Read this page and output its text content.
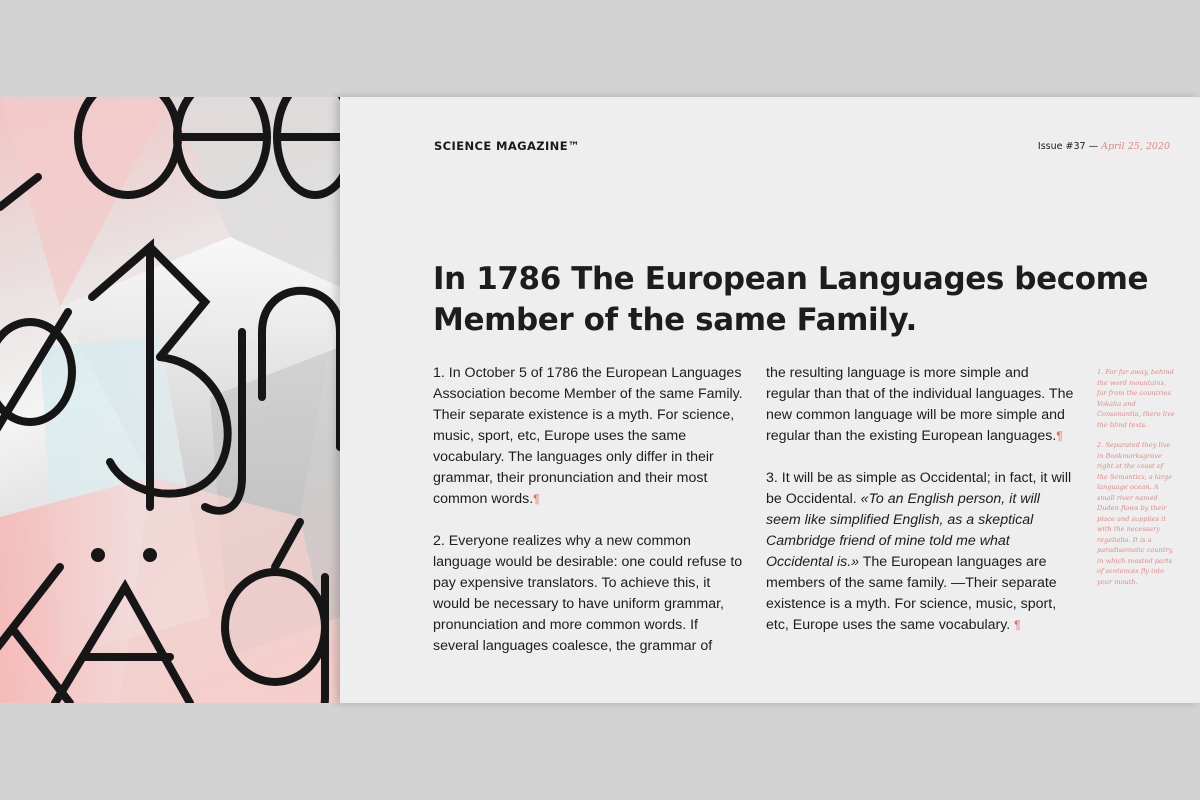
SCIENCE MAGAZINE™	Issue #37 — April 25, 2020
In 1786 The European Languages become Member of the same Family.

1. In October 5 of 1786 the European Languages Association become Member of the same Family. Their separate existence is a myth. For science, music, sport, etc, Europe uses the same vocabulary. The languages only differ in their grammar, their pronunciation and their most common words.¶

2. Everyone realizes why a new common language would be desirable: one could refuse to pay expensive translators. To achieve this, it would be necessary to have uniform grammar, pronunciation and more common words. If several languages coalesce, the grammar of

the resulting language is more simple and regular than that of the individual languages. The new common language will be more simple and regular than the existing European languages.¶

3. It will be as simple as Occidental; in fact, it will be Occidental. «To an English person, it will seem like simplified English, as a skeptical Cambridge friend of mine told me what Occidental is.» The European languages are members of the same family. —Their separate existence is a myth. For science, music, sport, etc, Europe uses the same vocabulary. ¶

1. Far far away, behind the word mountains, far from the countries Vokalia and Consonantia, there live the blind texts.

2. Separated they live in Bookmarksgrove right at the coast of the Semantics, a large language ocean. A small river named Duden flows by their place and supplies it with the necessary regelialia. It is a paradisematic country, in which roasted parts of sentences fly into your mouth.
